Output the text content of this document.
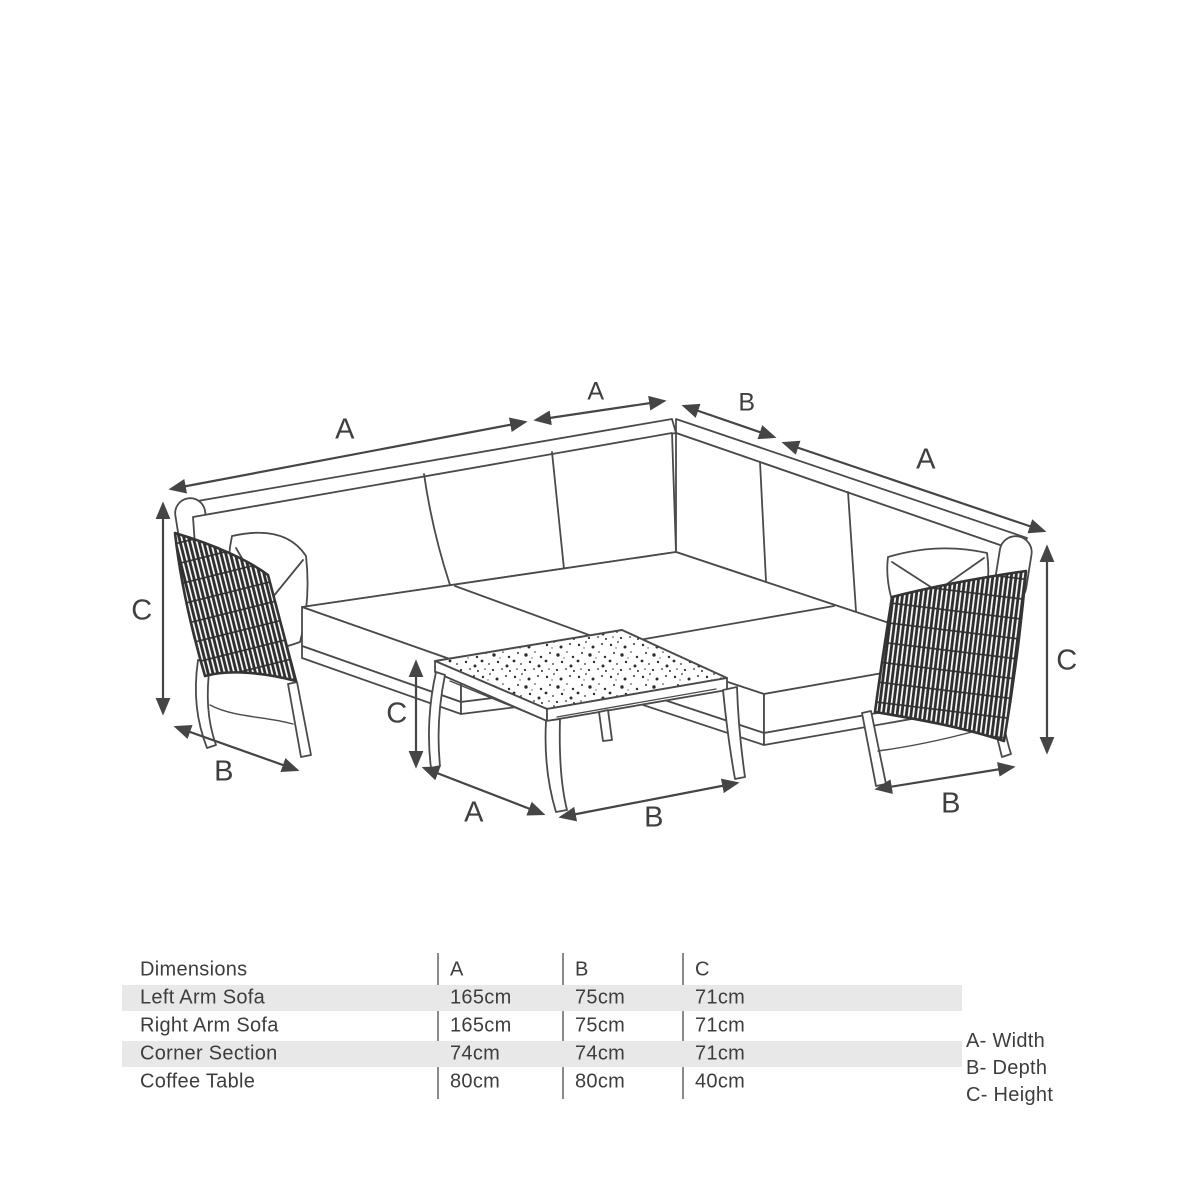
A
A	B
A
C
B
C
A	B
C
B
Dimensions	A	B	C
Left Arm Sofa	165cm	75cm	71cm
Right Arm Sofa	165cm	75cm	71cm
Corner Section	74cm	74cm	71cm
Coffee Table	80cm	80cm	40cm
A- Width
B- Depth
C- Height
